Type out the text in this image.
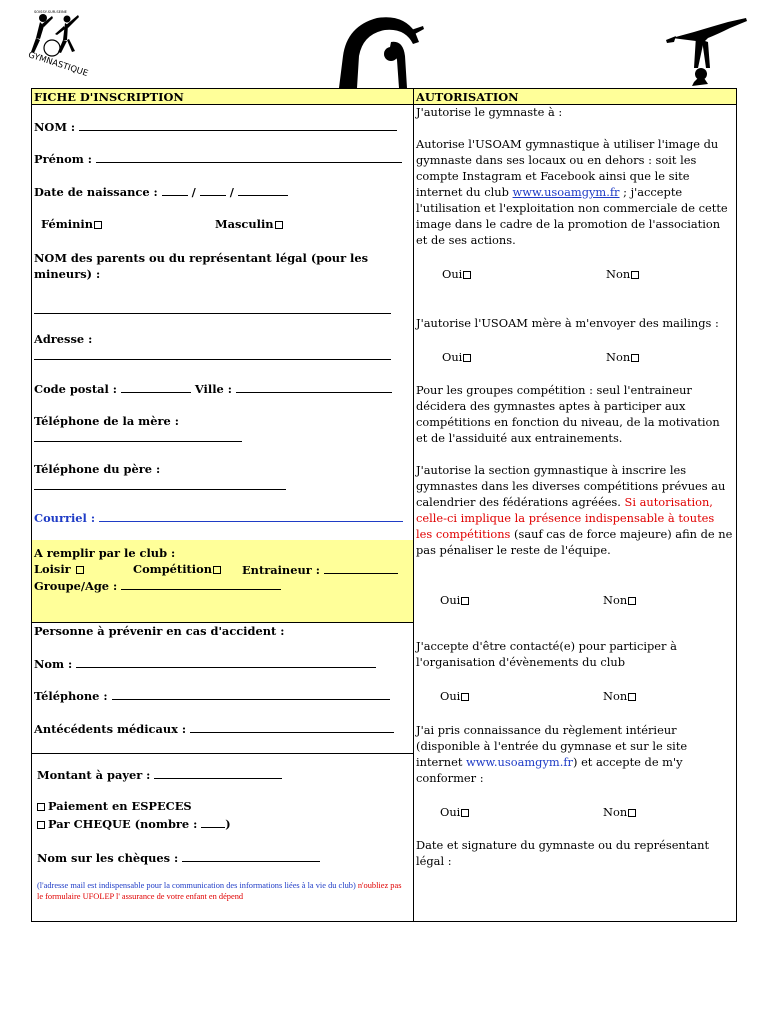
GYMNASTIQUE
SOISSY-SUR-SEINE
FICHE D'INSCRIPTION	AUTORISATION
NOM :
Prénom :
Date de naissance :	/  /
Féminin	Masculin
NOM des parents ou du représentant légal (pour les
mineurs) :
Adresse :
Code postal :	Ville :
Téléphone de la mère :
Téléphone du père :
Courriel :
A remplir par le club :
Loisir	Compétition	Entraineur :
Groupe/Age :
Personne à prévenir en cas d'accident :
Nom :
Téléphone :
Antécédents médicaux :
Montant à payer :
Paiement en ESPECES
Par CHEQUE (nombre : )
Nom sur les chèques :
(l'adresse mail est indispensable pour la communication des informations liées à la vie du club) n'oubliez pas le formulaire UFOLEP l' assurance de votre enfant en dépend
J'autorise le gymnaste à :
Autorise l'USOAM gymnastique à utiliser l'image du gymnaste dans ses locaux ou en dehors : soit les compte Instagram et Facebook ainsi que le site internet du club www.usoamgym.fr ; j'accepte l'utilisation et l'exploitation non commerciale de cette image dans le cadre de la promotion de l'association et de ses actions.
Oui	Non
J'autorise l'USOAM mère à m'envoyer des mailings :
Oui	Non
Pour les groupes compétition : seul l'entraineur décidera des gymnastes aptes à participer aux compétitions en fonction du niveau, de la motivation et de l'assiduité aux entrainements.
J'autorise la section gymnastique à inscrire les gymnastes dans les diverses compétitions prévues au calendrier des fédérations agréées. Si autorisation, celle-ci implique la présence indispensable à toutes les compétitions (sauf cas de force majeure) afin de ne pas pénaliser le reste de l'équipe.
Oui	Non
J'accepte d'être contacté(e) pour participer à l'organisation d'évènements du club
Oui	Non
J'ai pris connaissance du règlement intérieur (disponible à l'entrée du gymnase et sur le site internet www.usoamgym.fr) et accepte de m'y conformer :
Oui	Non
Date et signature du gymnaste ou du représentant légal :
